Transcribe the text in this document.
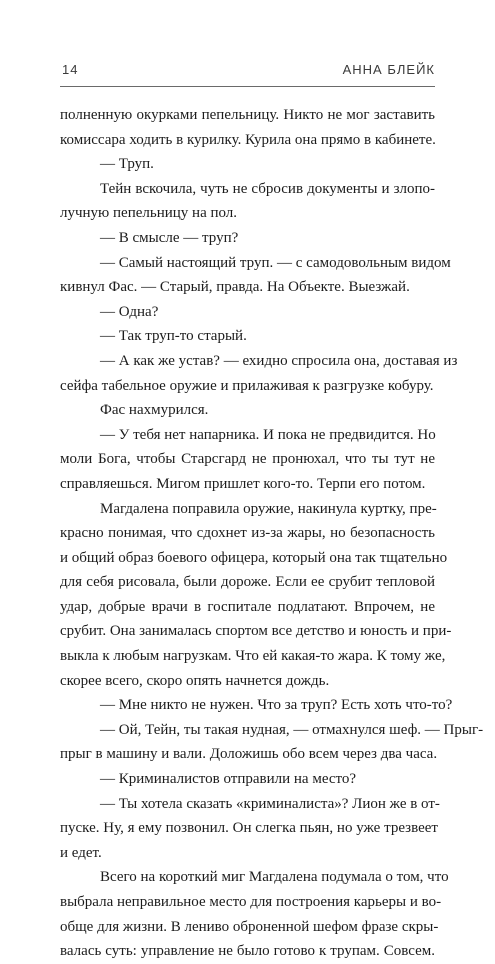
14	АННА БЛЕЙК
полненную окурками пепельницу. Никто не мог заставить
комиссара ходить в курилку. Курила она прямо в кабинете.
— Труп.
Тейн вскочила, чуть не сбросив документы и злопо-
лучную пепельницу на пол.
— В смысле — труп?
— Самый настоящий труп. — с самодовольным видом
кивнул Фас. — Старый, правда. На Объекте. Выезжай.
— Одна?
— Так труп-то старый.
— А как же устав? — ехидно спросила она, доставая из
сейфа табельное оружие и прилаживая к разгрузке кобуру.
Фас нахмурился.
— У тебя нет напарника. И пока не предвидится. Но
моли Бога, чтобы Старсгард не пронюхал, что ты тут не
справляешься. Мигом пришлет кого-то. Терпи его потом.
Магдалена поправила оружие, накинула куртку, пре-
красно понимая, что сдохнет из-за жары, но безопасность
и общий образ боевого офицера, который она так тщательно
для себя рисовала, были дороже. Если ее срубит тепловой
удар, добрые врачи в госпитале подлатают. Впрочем, не
срубит. Она занималась спортом все детство и юность и при-
выкла к любым нагрузкам. Что ей какая-то жара. К тому же,
скорее всего, скоро опять начнется дождь.
— Мне никто не нужен. Что за труп? Есть хоть что-то?
— Ой, Тейн, ты такая нудная, — отмахнулся шеф. — Прыг-
прыг в машину и вали. Доложишь обо всем через два часа.
— Криминалистов отправили на место?
— Ты хотела сказать «криминалиста»? Лион же в от-
пуске. Ну, я ему позвонил. Он слегка пьян, но уже трезвеет
и едет.
Всего на короткий миг Магдалена подумала о том, что
выбрала неправильное место для построения карьеры и во-
обще для жизни. В лениво оброненной шефом фразе скры-
валась суть: управление не было готово к трупам. Совсем.
